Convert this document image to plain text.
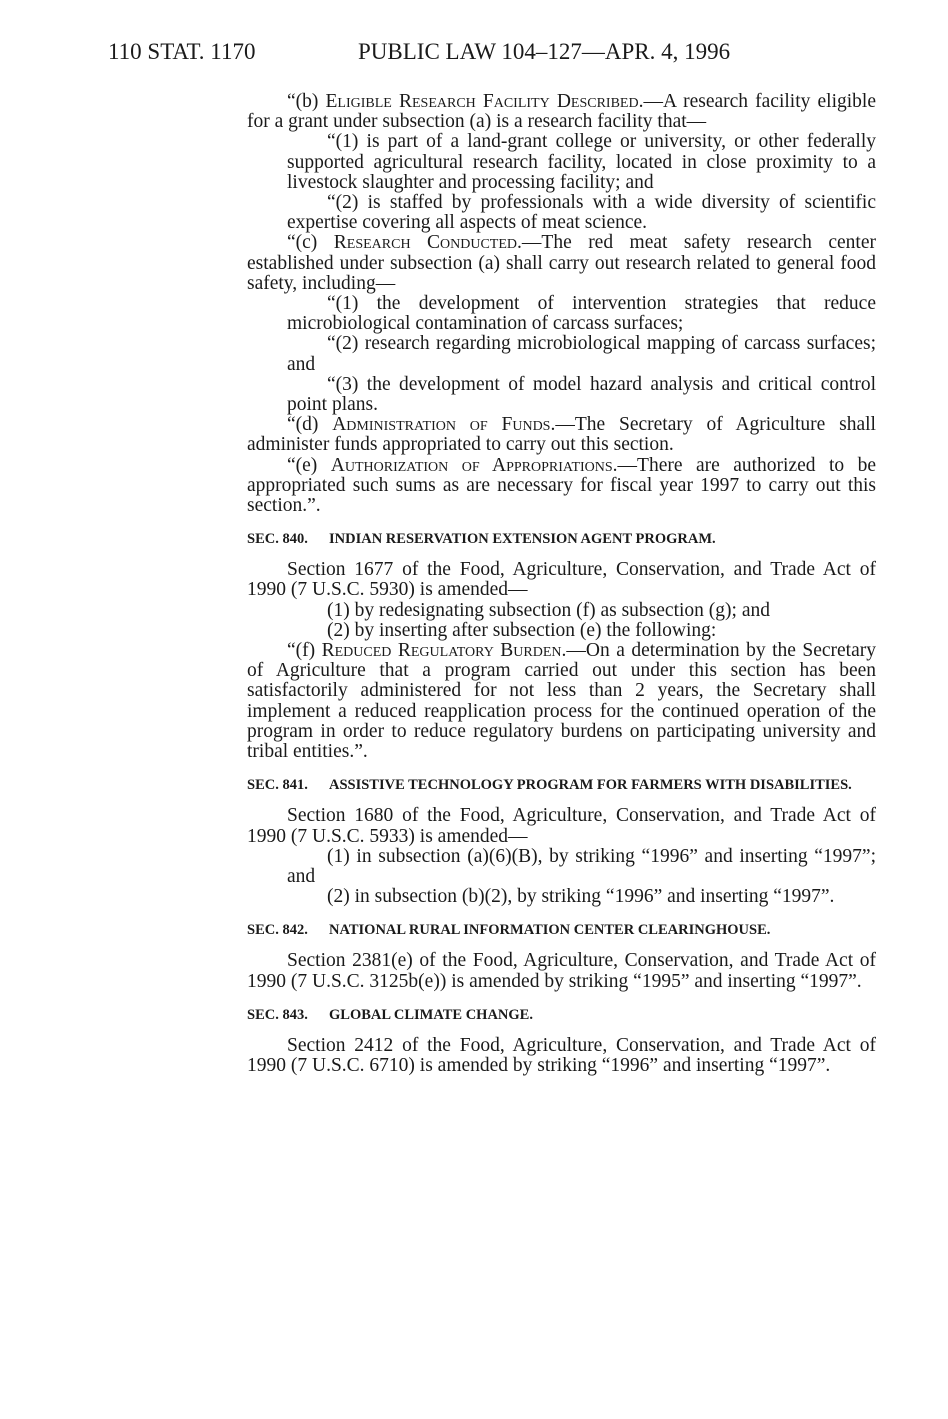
110 STAT. 1170	PUBLIC LAW 104–127—APR. 4, 1996

“(b) Eligible Research Facility Described.—A research facility eligible for a grant under subsection (a) is a research facility that—

“(1) is part of a land-grant college or university, or other federally supported agricultural research facility, located in close proximity to a livestock slaughter and processing facility; and

“(2) is staffed by professionals with a wide diversity of scientific expertise covering all aspects of meat science.

“(c) Research Conducted.—The red meat safety research center established under subsection (a) shall carry out research related to general food safety, including—

“(1) the development of intervention strategies that reduce microbiological contamination of carcass surfaces;

“(2) research regarding microbiological mapping of carcass surfaces; and

“(3) the development of model hazard analysis and critical control point plans.

“(d) Administration of Funds.—The Secretary of Agriculture shall administer funds appropriated to carry out this section.

“(e) Authorization of Appropriations.—There are authorized to be appropriated such sums as are necessary for fiscal year 1997 to carry out this section.”.

SEC. 840. INDIAN RESERVATION EXTENSION AGENT PROGRAM.

Section 1677 of the Food, Agriculture, Conservation, and Trade Act of 1990 (7 U.S.C. 5930) is amended—

(1) by redesignating subsection (f) as subsection (g); and

(2) by inserting after subsection (e) the following:

“(f) Reduced Regulatory Burden.—On a determination by the Secretary of Agriculture that a program carried out under this section has been satisfactorily administered for not less than 2 years, the Secretary shall implement a reduced reapplication process for the continued operation of the program in order to reduce regulatory burdens on participating university and tribal entities.”.

SEC. 841. ASSISTIVE TECHNOLOGY PROGRAM FOR FARMERS WITH DISABILITIES.

Section 1680 of the Food, Agriculture, Conservation, and Trade Act of 1990 (7 U.S.C. 5933) is amended—

(1) in subsection (a)(6)(B), by striking “1996” and inserting “1997”; and

(2) in subsection (b)(2), by striking “1996” and inserting “1997”.

SEC. 842. NATIONAL RURAL INFORMATION CENTER CLEARINGHOUSE.

Section 2381(e) of the Food, Agriculture, Conservation, and Trade Act of 1990 (7 U.S.C. 3125b(e)) is amended by striking “1995” and inserting “1997”.

SEC. 843. GLOBAL CLIMATE CHANGE.

Section 2412 of the Food, Agriculture, Conservation, and Trade Act of 1990 (7 U.S.C. 6710) is amended by striking “1996” and inserting “1997”.
